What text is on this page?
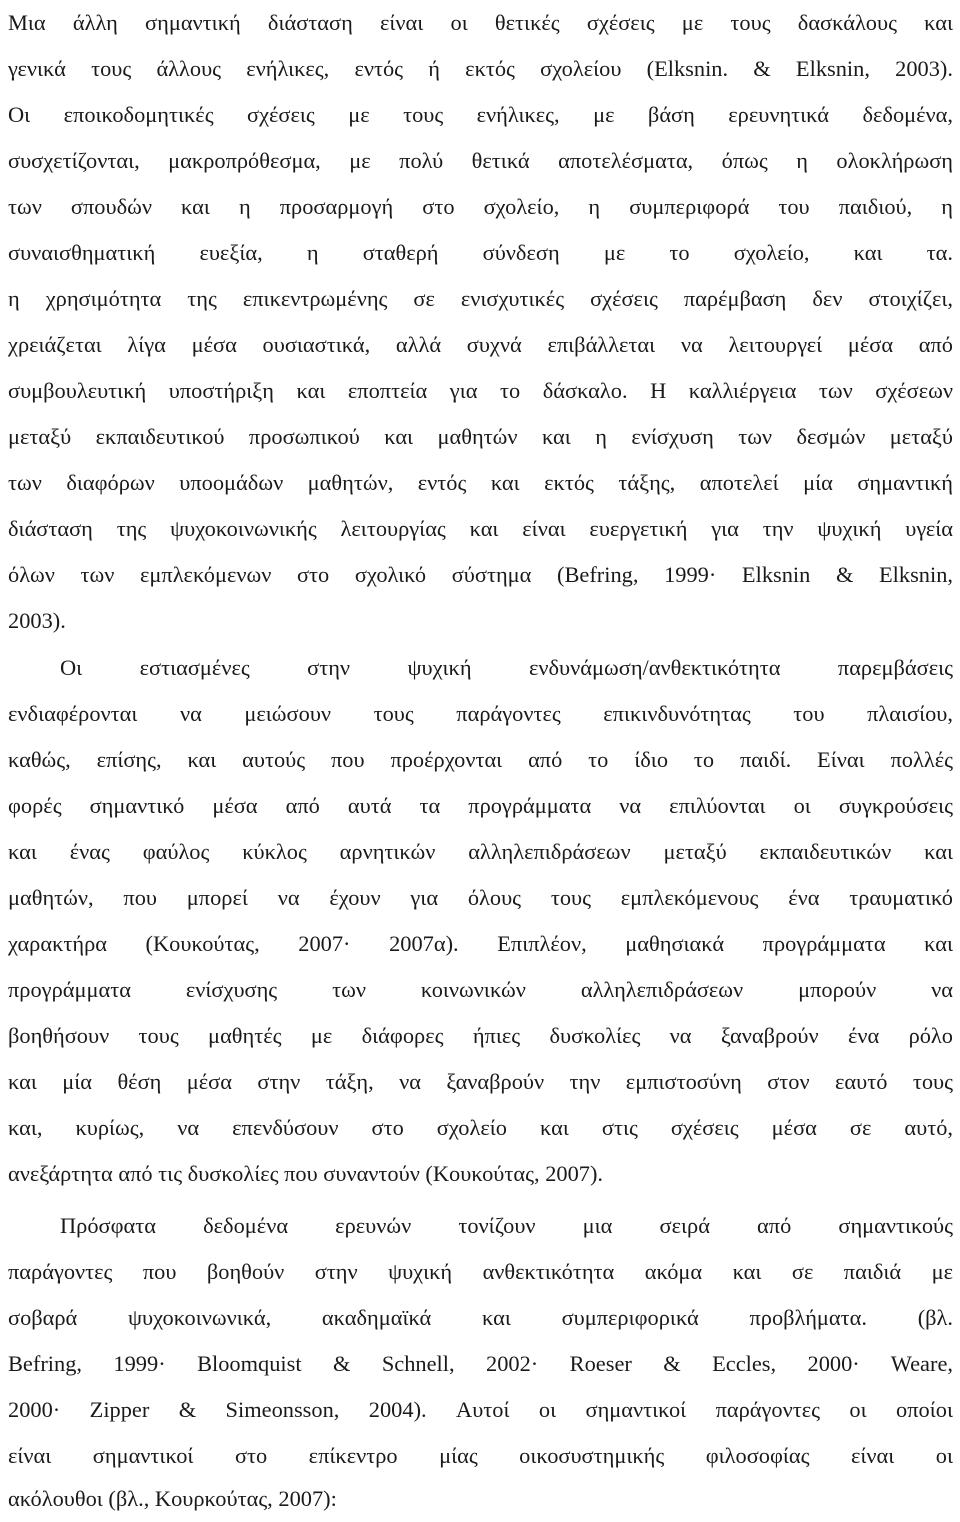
Μια άλλη σημαντική διάσταση είναι οι θετικές σχέσεις με τους δασκάλους και
γενικά τους άλλους ενήλικες, εντός ή εκτός σχολείου (Elksnin. & Elksnin, 2003).
Οι εποικοδομητικές σχέσεις με τους ενήλικες, με βάση ερευνητικά δεδομένα,
συσχετίζονται, μακροπρόθεσμα, με πολύ θετικά αποτελέσματα, όπως η ολοκλήρωση
των σπουδών και η προσαρμογή στο σχολείο, η συμπεριφορά του παιδιού, η
συναισθηματική ευεξία, η σταθερή σύνδεση με το σχολείο, και τα.
η χρησιμότητα της επικεντρωμένης σε ενισχυτικές σχέσεις παρέμβαση δεν στοιχίζει,
χρειάζεται λίγα μέσα ουσιαστικά, αλλά συχνά επιβάλλεται να λειτουργεί μέσα από
συμβουλευτική υποστήριξη και εποπτεία για το δάσκαλο. Η καλλιέργεια των σχέσεων
μεταξύ εκπαιδευτικού προσωπικού και μαθητών και η ενίσχυση των δεσμών μεταξύ
των διαφόρων υποομάδων μαθητών, εντός και εκτός τάξης, αποτελεί μία σημαντική
διάσταση της ψυχοκοινωνικής λειτουργίας και είναι ευεργετική για την ψυχική υγεία
όλων των εμπλεκόμενων στο σχολικό σύστημα (Befring, 1999· Elksnin & Elksnin,
2003).
Οι εστιασμένες στην ψυχική ενδυνάμωση/ανθεκτικότητα παρεμβάσεις
ενδιαφέρονται να μειώσουν τους παράγοντες επικινδυνότητας του πλαισίου,
καθώς, επίσης, και αυτούς που προέρχονται από το ίδιο το παιδί. Είναι πολλές
φορές σημαντικό μέσα από αυτά τα προγράμματα να επιλύονται οι συγκρούσεις
και ένας φαύλος κύκλος αρνητικών αλληλεπιδράσεων μεταξύ εκπαιδευτικών και
μαθητών, που μπορεί να έχουν για όλους τους εμπλεκόμενους ένα τραυματικό
χαρακτήρα (Κουκούτας, 2007· 2007α). Επιπλέον, μαθησιακά προγράμματα και
προγράμματα ενίσχυσης των κοινωνικών αλληλεπιδράσεων μπορούν να
βοηθήσουν τους μαθητές με διάφορες ήπιες δυσκολίες να ξαναβρούν ένα ρόλο
και μία θέση μέσα στην τάξη, να ξαναβρούν την εμπιστοσύνη στον εαυτό τους
και, κυρίως, να επενδύσουν στο σχολείο και στις σχέσεις μέσα σε αυτό,
ανεξάρτητα από τις δυσκολίες που συναντούν (Κουκούτας, 2007).
Πρόσφατα δεδομένα ερευνών τονίζουν μια σειρά από σημαντικούς
παράγοντες που βοηθούν στην ψυχική ανθεκτικότητα ακόμα και σε παιδιά με
σοβαρά ψυχοκοινωνικά, ακαδημαϊκά και συμπεριφορικά προβλήματα. (βλ.
Befring, 1999· Bloomquist & Schnell, 2002· Roeser & Eccles, 2000· Weare,
2000· Zipper & Simeonsson, 2004). Αυτοί οι σημαντικοί παράγοντες οι οποίοι
είναι σημαντικοί στο επίκεντρο μίας οικοσυστημικής φιλοσοφίας είναι οι
ακόλουθοι (βλ., Κουρκούτας, 2007):
